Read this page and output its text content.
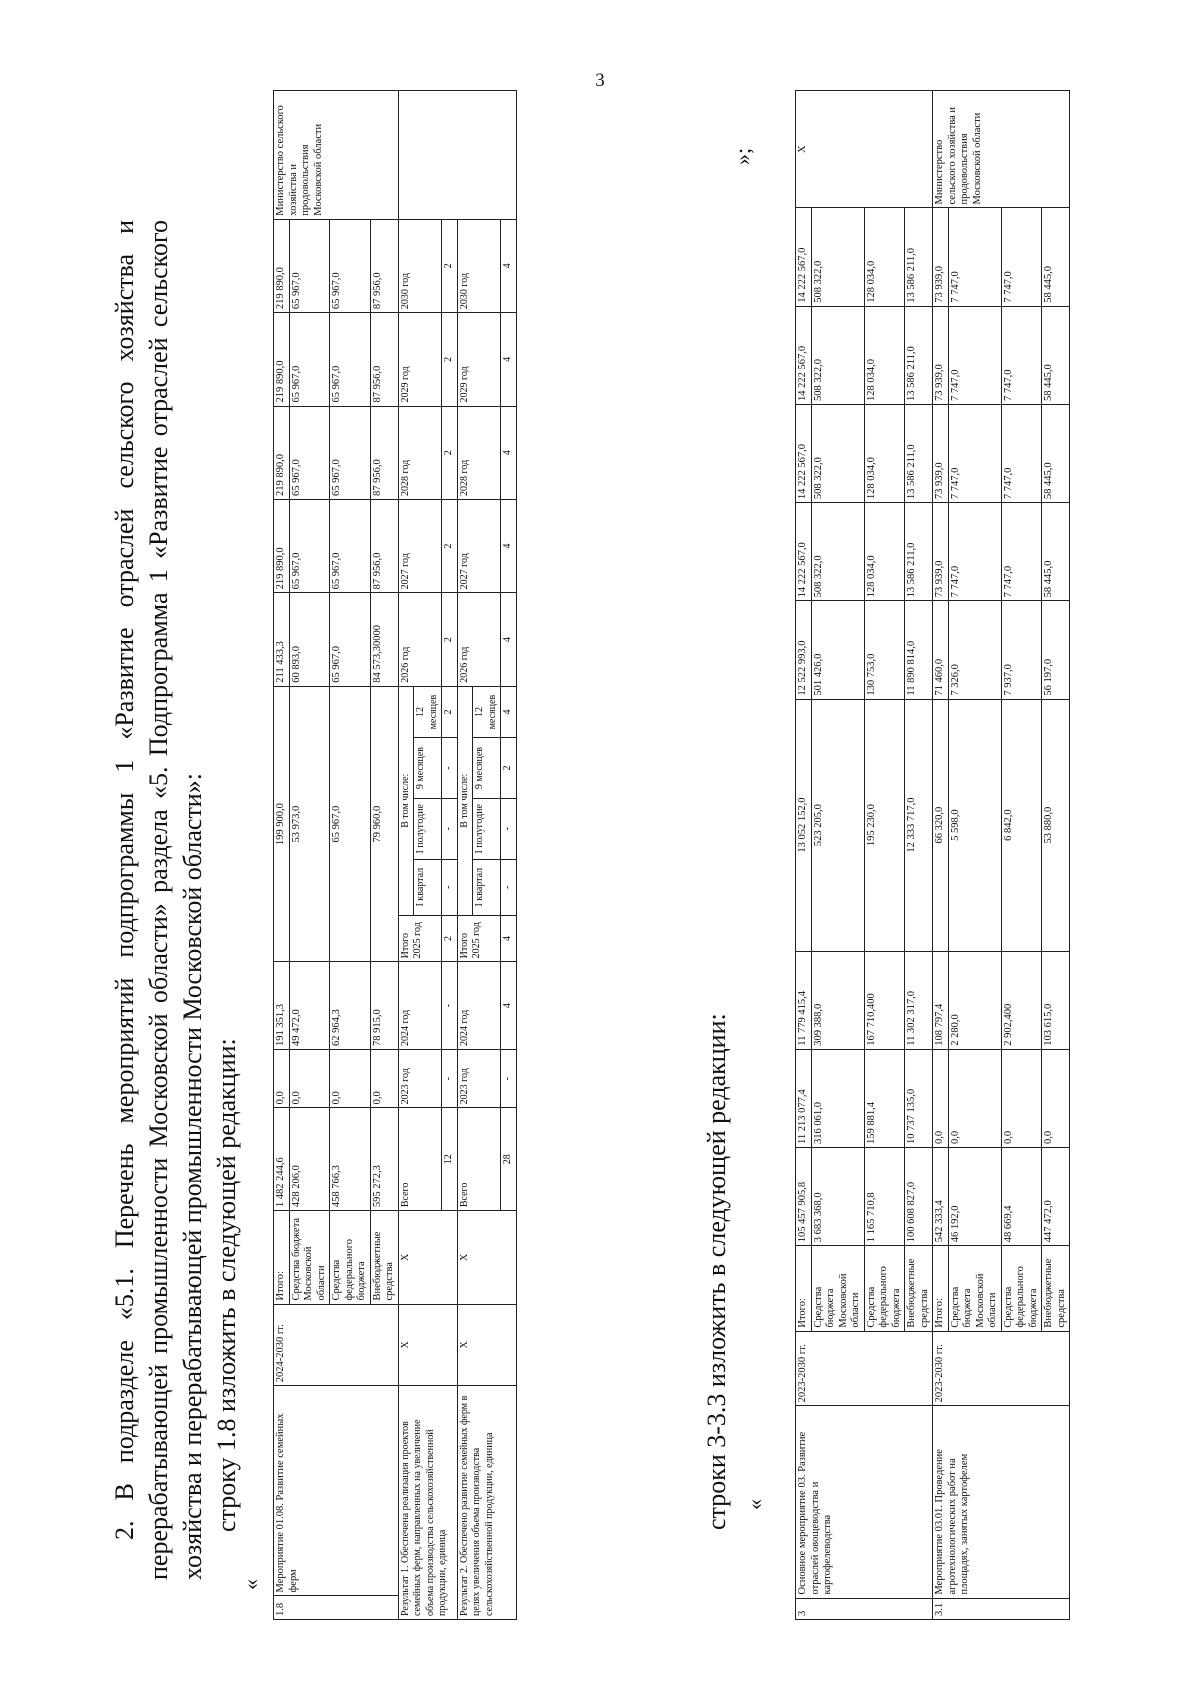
3

2. В подразделе «5.1. Перечень мероприятий подпрограммы 1 «Развитие отраслей сельского хозяйства и перерабатывающей промышленности Московской области» раздела «5. Подпрограмма 1 «Развитие отраслей сельского хозяйства и перерабатывающей промышленности Московской области»: строку 1.8 изложить в следующей редакции:
«
1.8	Мероприятие 01.08. Развитие семейных ферм	2024-2030 гг.	Итого:	1 482 244,6	0,0	191 351,3	199 900,0					211 433,3	219 890,0	219 890,0	219 890,0	219 890,0	Министерство сельского хозяйства и продовольствия Московской области
			Средства бюджета Московской области	428 206,0	0,0	49 472,0	53 973,0					60 893,0	65 967,0	65 967,0	65 967,0	65 967,0	
			Средства федерального бюджета	458 766,3	0,0	62 964,3	65 967,0					65 967,0	65 967,0	65 967,0	65 967,0	65 967,0	
			Внебюджетные средства	595 272,3	0,0	78 915,0	79 960,0					84 573,30000	87 956,0	87 956,0	87 956,0	87 956,0	
Результат 1. Обеспечена реализация проектов семейных ферм, направленных на увеличение объема производства сельскохозяйственной продукции, единица		X	X	Всего	2023 год	2024 год	Итого 2025 год	В том числе:				2026 год	2027 год	2028 год	2029 год	2030 год	
								I квартал	I полугодие	9 месяцев	12 месяцев						
				12	-	-	2	-	-	-	2	2	2	2	2	2	
Результат 2. Обеспечено развитие семейных ферм в целях увеличения объема производства сельскохозяйственной продукции, единица		X	X	Всего	2023 год	2024 год	Итого 2025 год	В том числе:				2026 год	2027 год	2028 год	2029 год	2030 год	
								I квартал	I полугодие	9 месяцев	12 месяцев						
				28	-	4	4	-	-	2	4	4	4	4	4	4	
»;
строки 3-3.3 изложить в следующей редакции: «
3	Основное мероприятие 03. Развитие отраслей овощеводства и картофелеводства	2023-2030 гг.	Итого:	105 457 905,8	11 213 077,4	11 779 415,4	13 052 152,0	12 522 993,0	14 222 567,0	14 222 567,0	14 222 567,0	14 222 567,0	X
			Средства бюджета Московской области	3 683 368,0	316 061,0	309 388,0	523 205,0	501 426,0	508 322,0	508 322,0	508 322,0	508 322,0	
			Средства федерального бюджета	1 165 710,8	159 881,4	167 710,400	195 230,0	130 753,0	128 034,0	128 034,0	128 034,0	128 034,0	
			Внебюджетные средства	100 608 827,0	10 737 135,0	11 302 317,0	12 333 717,0	11 890 814,0	13 586 211,0	13 586 211,0	13 586 211,0	13 586 211,0	
3.1	Мероприятие 03.01. Проведение агротехнологических работ на площадях, занятых картофелем	2023-2030 гг.	Итого:	542 333,4	0,0	108 797,4	66 320,0	71 460,0	73 939,0	73 939,0	73 939,0	73 939,0	Министерство сельского хозяйства и продовольствия Московской области
			Средства бюджета Московской области	46 192,0	0,0	2 280,0	5 598,0	7 326,0	7 747,0	7 747,0	7 747,0	7 747,0	
			Средства федерального бюджета	48 669,4	0,0	2 902,400	6 842,0	7 937,0	7 747,0	7 747,0	7 747,0	7 747,0	
			Внебюджетные средства	447 472,0	0,0	103 615,0	53 880,0	56 197,0	58 445,0	58 445,0	58 445,0	58 445,0	
